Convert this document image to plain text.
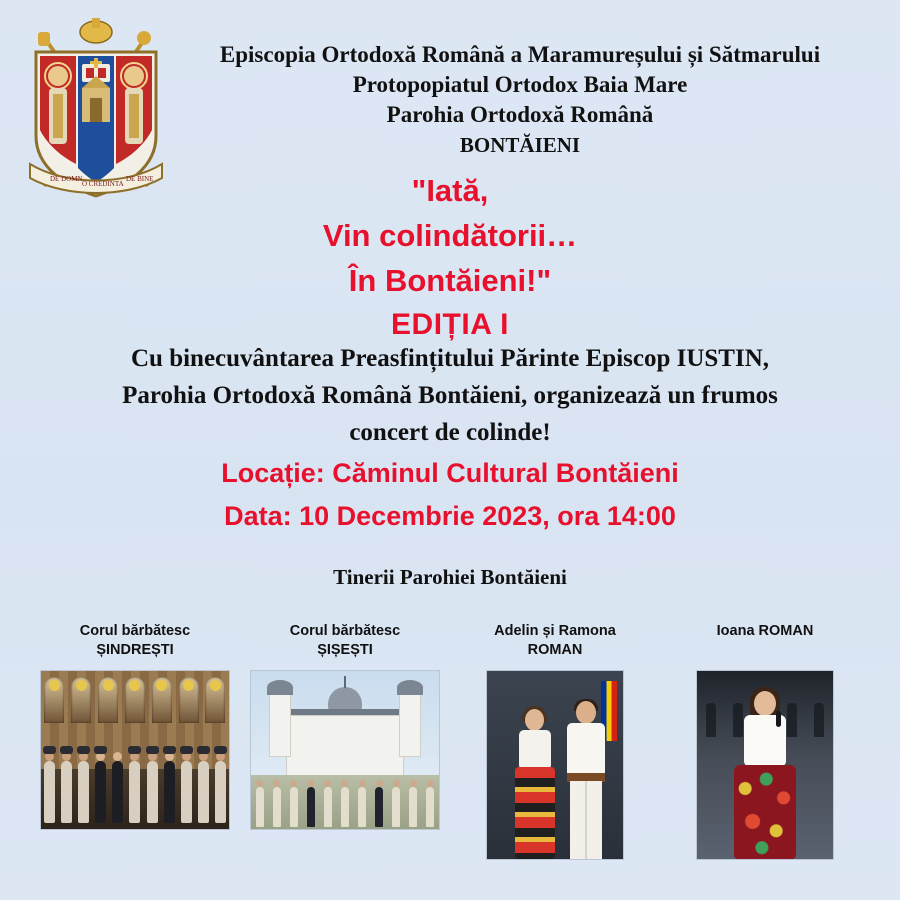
DE DOMN
O CREDINTA
DE BINE
Episcopia Ortodoxă Română a Maramureșului și Sătmarului
Protopopiatul Ortodox Baia Mare
Parohia Ortodoxă Română
BONTĂIENI
"Iată,
Vin colindătorii…
În Bontăieni!"
EDIȚIA I
Cu binecuvântarea Preasfințitului Părinte Episcop IUSTIN,
Parohia Ortodoxă Română Bontăieni, organizează un frumos
concert de colinde!
Locație: Căminul Cultural Bontăieni
Data: 10 Decembrie 2023, ora 14:00
Tinerii Parohiei Bontăieni
Corul bărbătesc
ȘINDREȘTI
Corul bărbătesc
ȘIȘEȘTI
Adelin și Ramona
ROMAN
Ioana ROMAN
